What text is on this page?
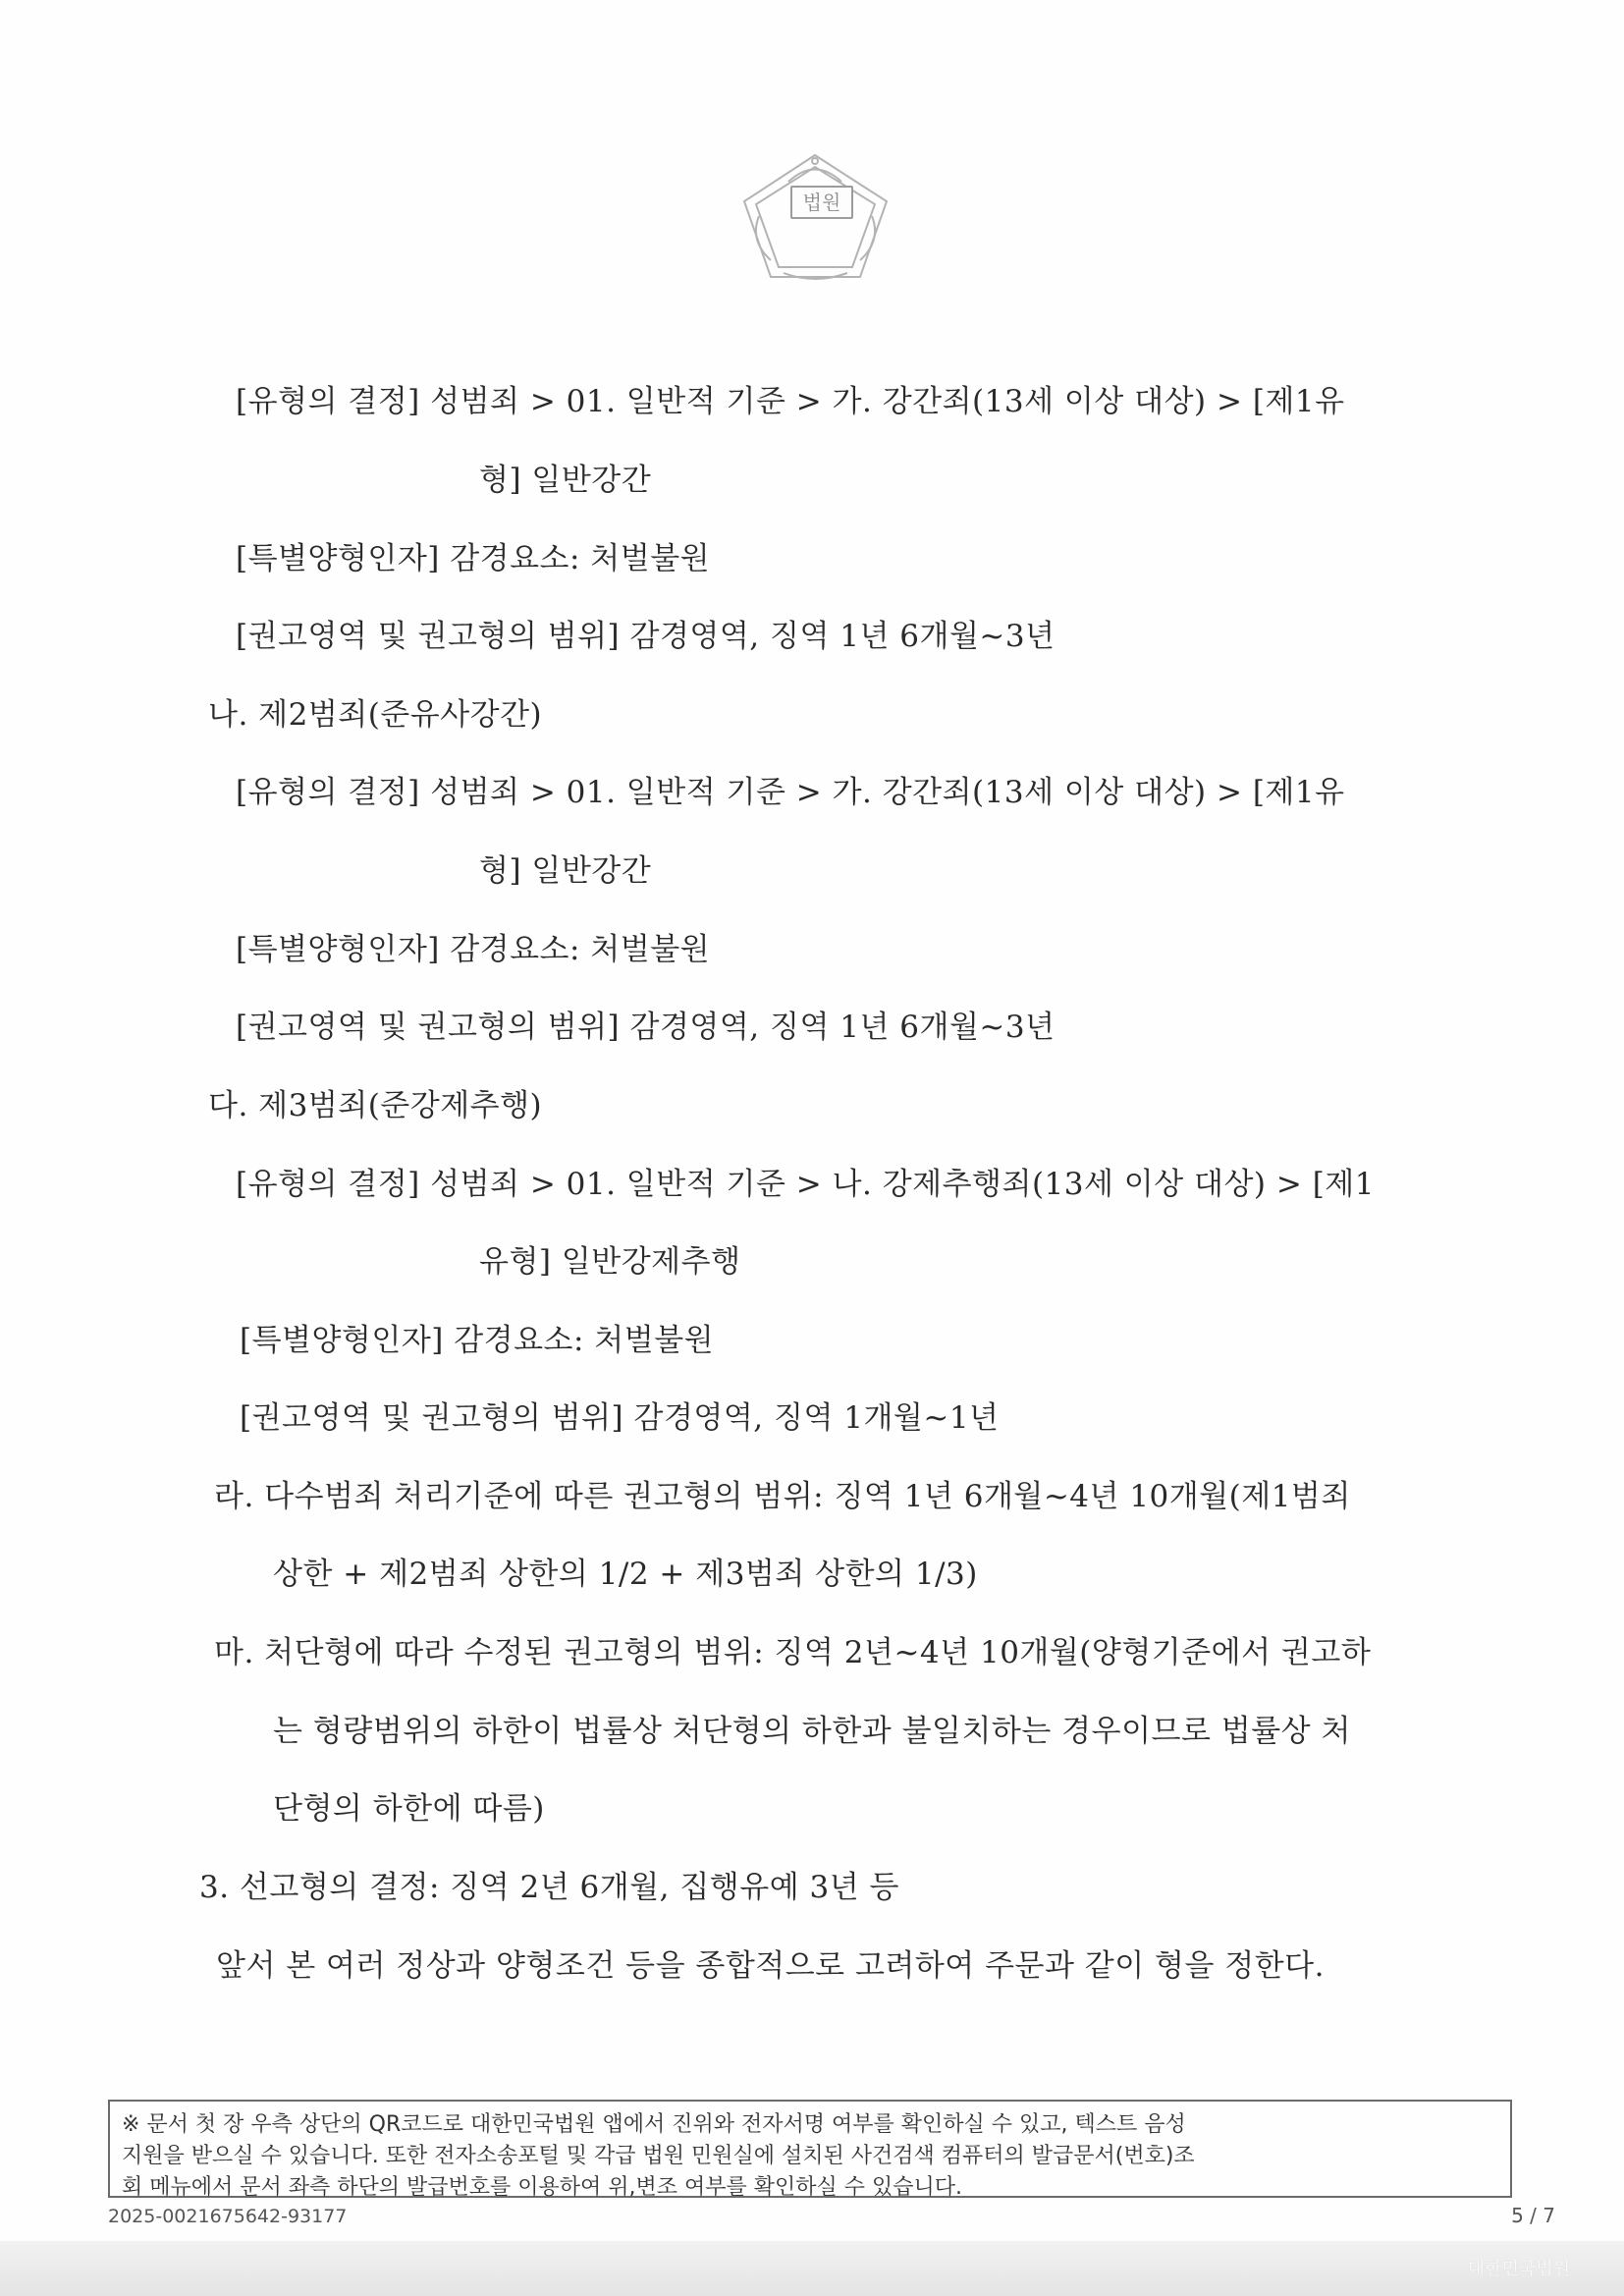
법원
[유형의 결정] 성범죄 > 01. 일반적 기준 > 가. 강간죄(13세 이상 대상) > [제1유
형] 일반강간
[특별양형인자] 감경요소: 처벌불원
[권고영역 및 권고형의 범위] 감경영역, 징역 1년 6개월~3년
나. 제2범죄(준유사강간)
[유형의 결정] 성범죄 > 01. 일반적 기준 > 가. 강간죄(13세 이상 대상) > [제1유
형] 일반강간
[특별양형인자] 감경요소: 처벌불원
[권고영역 및 권고형의 범위] 감경영역, 징역 1년 6개월~3년
다. 제3범죄(준강제추행)
[유형의 결정] 성범죄 > 01. 일반적 기준 > 나. 강제추행죄(13세 이상 대상) > [제1
유형] 일반강제추행
[특별양형인자] 감경요소: 처벌불원
[권고영역 및 권고형의 범위] 감경영역, 징역 1개월~1년
라. 다수범죄 처리기준에 따른 권고형의 범위: 징역 1년 6개월~4년 10개월(제1범죄
상한 + 제2범죄 상한의 1/2 + 제3범죄 상한의 1/3)
마. 처단형에 따라 수정된 권고형의 범위: 징역 2년~4년 10개월(양형기준에서 권고하
는 형량범위의 하한이 법률상 처단형의 하한과 불일치하는 경우이므로 법률상 처
단형의 하한에 따름)
3. 선고형의 결정: 징역 2년 6개월, 집행유예 3년 등
앞서 본 여러 정상과 양형조건 등을 종합적으로 고려하여 주문과 같이 형을 정한다.
※ 문서 첫 장 우측 상단의 QR코드로 대한민국법원 앱에서 진위와 전자서명 여부를 확인하실 수 있고, 텍스트 음성
지원을 받으실 수 있습니다. 또한 전자소송포털 및 각급 법원 민원실에 설치된 사건검색 컴퓨터의 발급문서(번호)조
회 메뉴에서 문서 좌측 하단의 발급번호를 이용하여 위,변조 여부를 확인하실 수 있습니다.
2025-0021675642-93177	5 / 7
대한민국법원
